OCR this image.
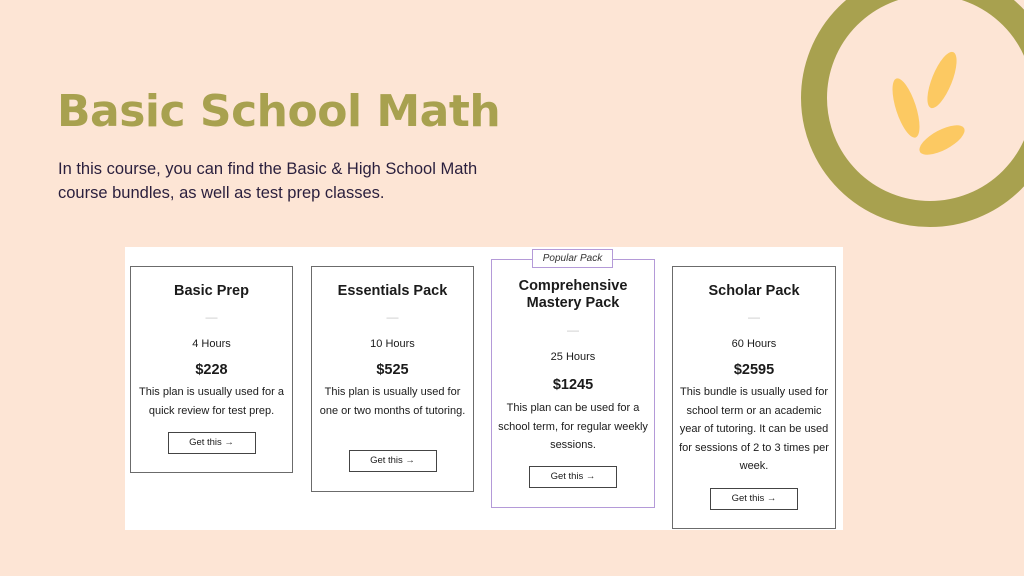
Basic School Math

In this course, you can find the Basic & High School Math course bundles, as well as test prep classes.

Basic Prep
—
4 Hours
$228
This plan is usually used for a quick review for test prep.
Get this →
Essentials Pack
—
10 Hours
$525
This plan is usually used for one or two months of tutoring.
Get this →
Popular Pack
Comprehensive Mastery Pack
—
25 Hours
$1245
This plan can be used for a school term, for regular weekly sessions.
Get this →
Scholar Pack
—
60 Hours
$2595
This bundle is usually used for school term or an academic year of tutoring. It can be used for sessions of 2 to 3 times per week.
Get this →
